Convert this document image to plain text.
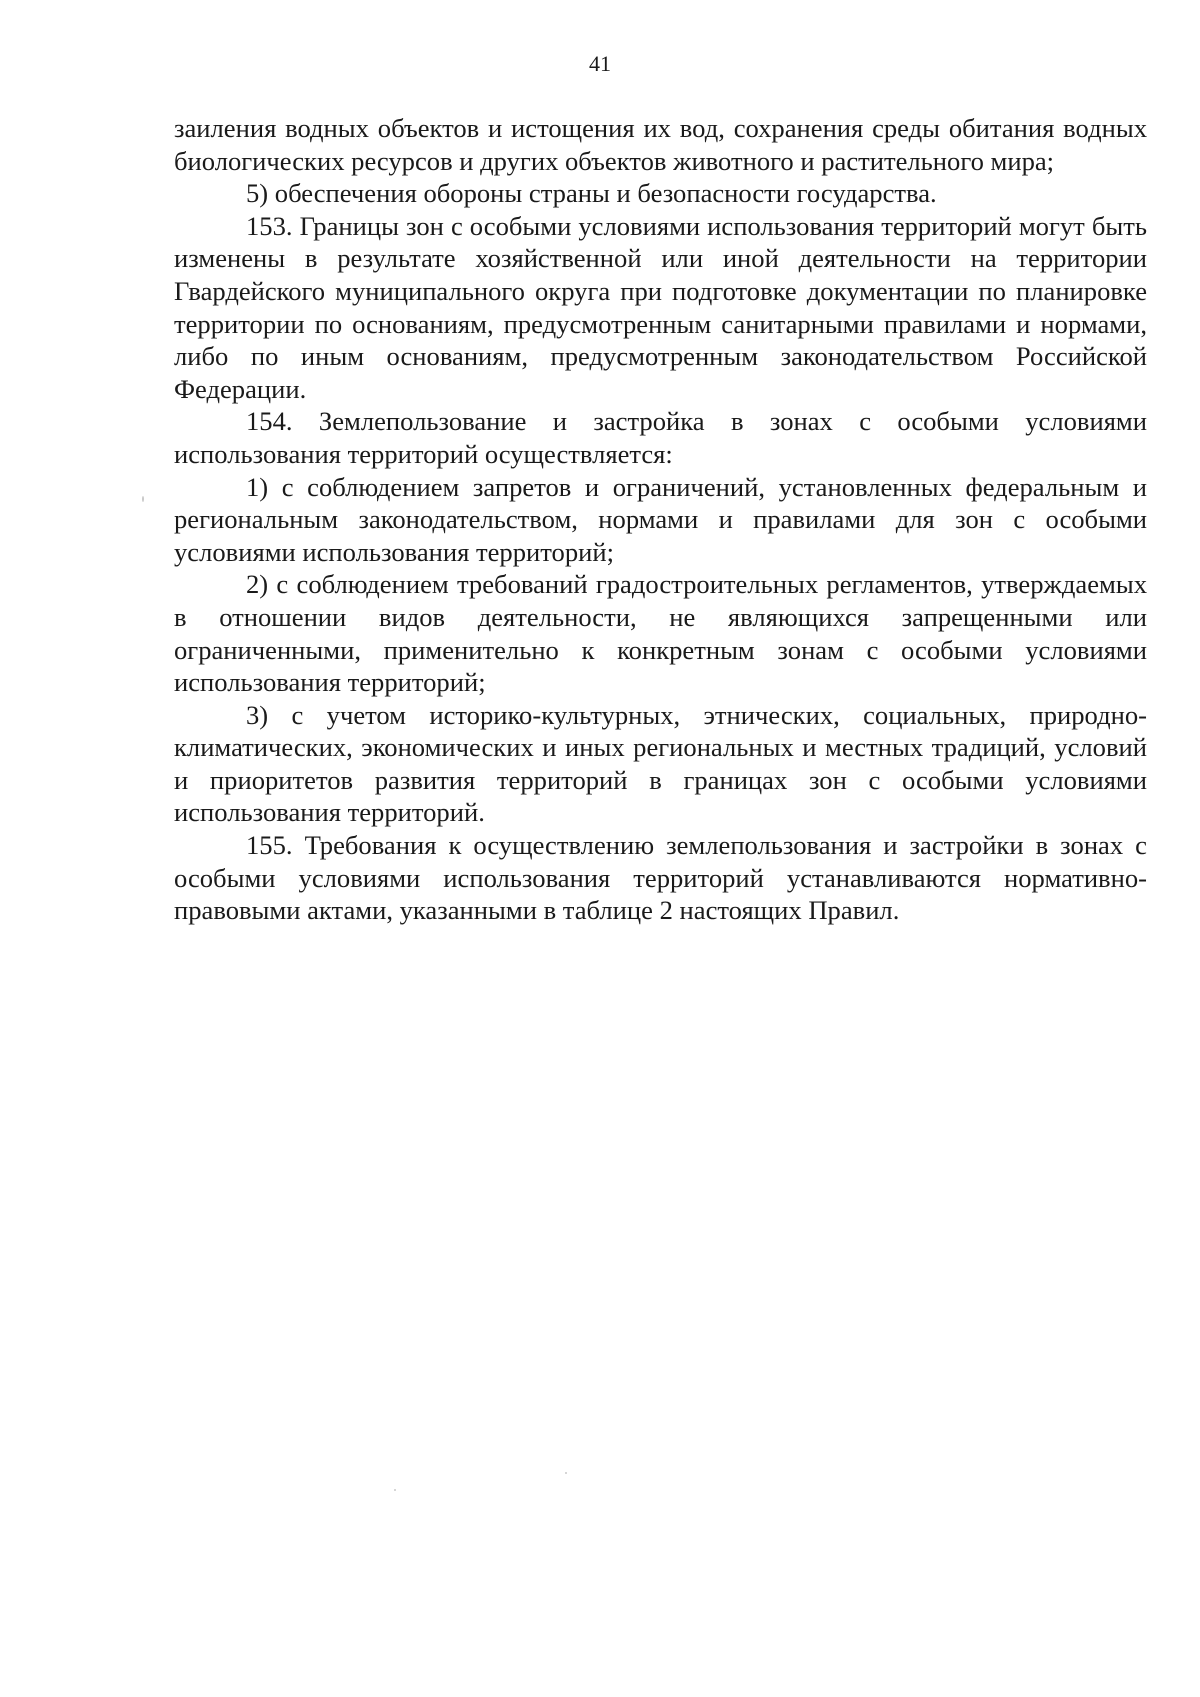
41

заиления водных объектов и истощения их вод, сохранения среды обитания водных биологических ресурсов и других объектов животного и растительного мира;

5) обеспечения обороны страны и безопасности государства.

153. Границы зон с особыми условиями использования территорий могут быть изменены в результате хозяйственной или иной деятельности на территории Гвардейского муниципального округа при подготовке документации по планировке территории по основаниям, предусмотренным санитарными правилами и нормами, либо по иным основаниям, предусмотренным законодательством Российской Федерации.

154. Землепользование и застройка в зонах с особыми условиями использования территорий осуществляется:

1) с соблюдением запретов и ограничений, установленных федеральным и региональным законодательством, нормами и правилами для зон с особыми условиями использования территорий;

2) с соблюдением требований градостроительных регламентов, утверждаемых в отношении видов деятельности, не являющихся запрещенными или ограниченными, применительно к конкретным зонам с особыми условиями использования территорий;

3) с учетом историко-культурных, этнических, социальных, природно-климатических, экономических и иных региональных и местных традиций, условий и приоритетов развития территорий в границах зон с особыми условиями использования территорий.

155. Требования к осуществлению землепользования и застройки в зонах с особыми условиями использования территорий устанавливаются нормативно-правовыми актами, указанными в таблице 2 настоящих Правил.
